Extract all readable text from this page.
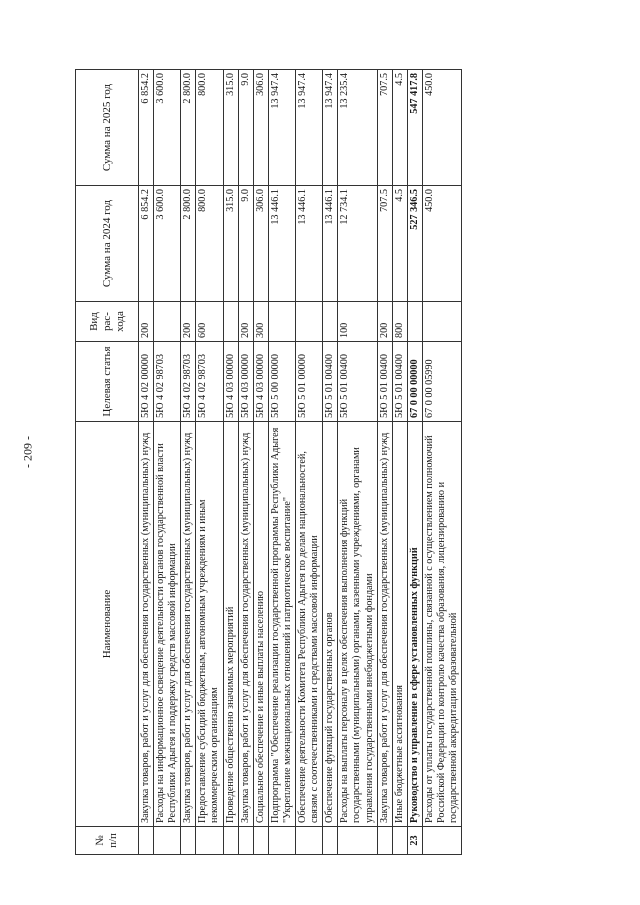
- 209 -
№ п/п	Наименование	Целевая статья	Вид рас- хода	Сумма на 2024 год	Сумма на 2025 год
	Закупка товаров, работ и услуг для обеспечения государственных (муниципальных) нужд	5Ю 4 02 00000	200	6 854.2	6 854.2
	Расходы на информационное освещение деятельности органов государственной власти Республики Адыгея и поддержку средств массовой информации	5Ю 4 02 98703		3 600.0	3 600.0
	Закупка товаров, работ и услуг для обеспечения государственных (муниципальных) нужд	5Ю 4 02 98703	200	2 800.0	2 800.0
	Предоставление субсидий бюджетным, автономным учреждениям и иным некоммерческим организациям	5Ю 4 02 98703	600	800.0	800.0
	Проведение общественно значимых мероприятий	5Ю 4 03 00000		315.0	315.0
	Закупка товаров, работ и услуг для обеспечения государственных (муниципальных) нужд	5Ю 4 03 00000	200	9.0	9.0
	Социальное обеспечение и иные выплаты населению	5Ю 4 03 00000	300	306.0	306.0
	Подпрограмма "Обеспечение реализации государственной программы Республики Адыгея "Укрепление межнациональных отношений и патриотическое воспитание"	5Ю 5 00 00000		13 446.1	13 947.4
	Обеспечение деятельности Комитета Республики Адыгея по делам национальностей, связям с соотечественниками и средствами массовой информации	5Ю 5 01 00000		13 446.1	13 947.4
	Обеспечение функций государственных органов	5Ю 5 01 00400		13 446.1	13 947.4
	Расходы на выплаты персоналу в целях обеспечения выполнения функций государственными (муниципальными) органами, казенными учреждениями, органами управления государственными внебюджетными фондами	5Ю 5 01 00400	100	12 734.1	13 235.4
	Закупка товаров, работ и услуг для обеспечения государственных (муниципальных) нужд	5Ю 5 01 00400	200	707.5	707.5
	Иные бюджетные ассигнования	5Ю 5 01 00400	800	4.5	4.5
23	Руководство и управление в сфере установленных функций	67 0 00 00000		527 346.5	547 417.8
	Расходы от уплаты государственной пошлины, связанной с осуществлением полномочий Российской Федерации по контролю качества образования, лицензированию и государственной аккредитации образовательной	67 0 00 05990		450.0	450.0
